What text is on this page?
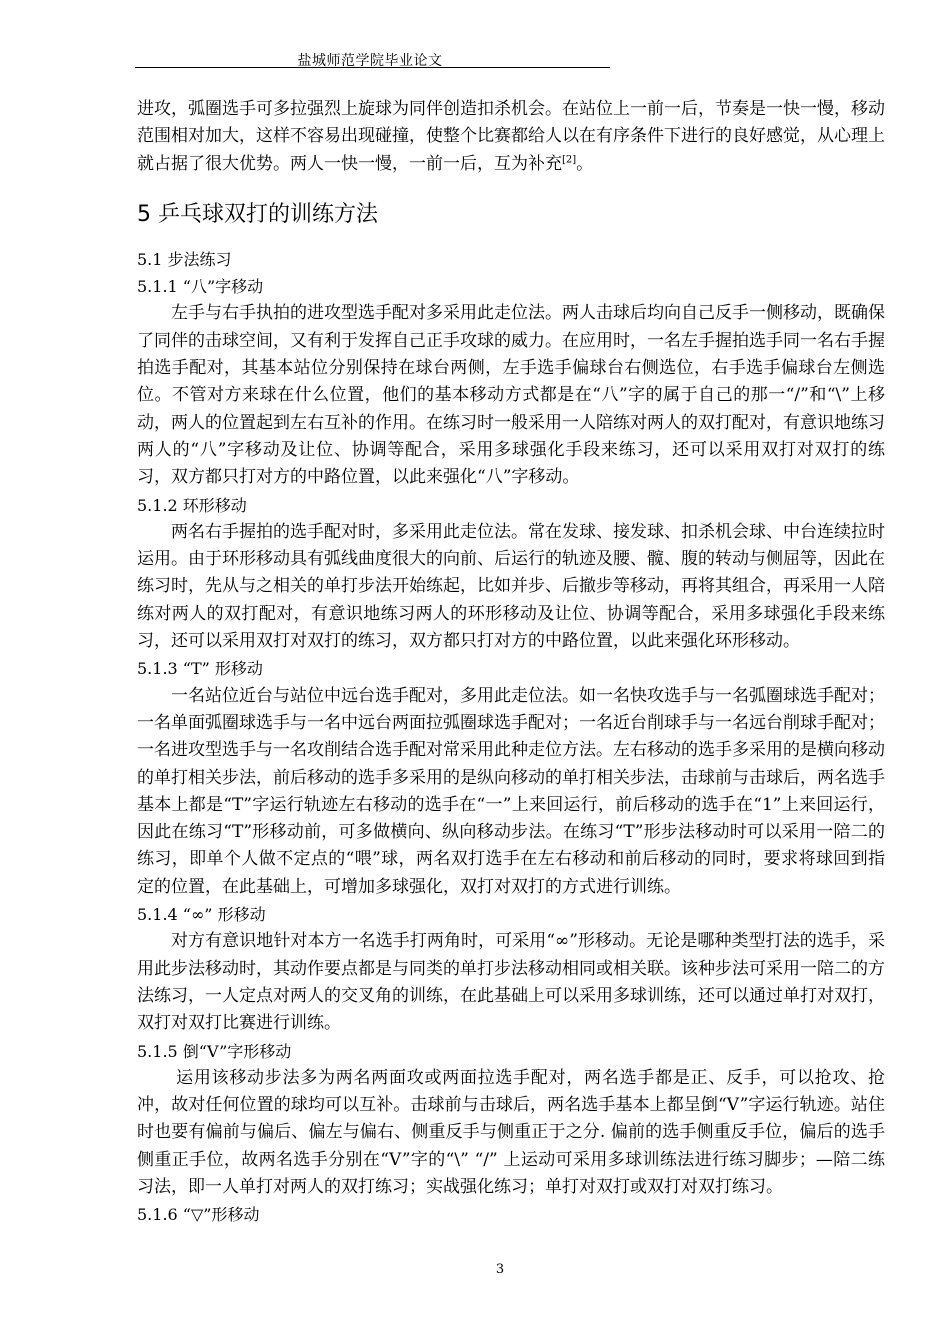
盐城师范学院毕业论文

进攻，弧圈选手可多拉强烈上旋球为同伴创造扣杀机会。在站位上一前一后，节奏是一快一慢，移动范围相对加大，这样不容易出现碰撞，使整个比赛都给人以在有序条件下进行的良好感觉，从心理上就占据了很大优势。两人一快一慢，一前一后，互为补充[2]。

5 乒乓球双打的训练方法

5.1 步法练习

5.1.1 “八”字移动

左手与右手执拍的进攻型选手配对多采用此走位法。两人击球后均向自己反手一侧移动，既确保了同伴的击球空间，又有利于发挥自己正手攻球的威力。在应用时，一名左手握拍选手同一名右手握拍选手配对，其基本站位分别保持在球台两侧，左手选手偏球台右侧选位，右手选手偏球台左侧选位。不管对方来球在什么位置，他们的基本移动方式都是在“八”字的属于自己的那一“/”和“\”上移动，两人的位置起到左右互补的作用。在练习时一般采用一人陪练对两人的双打配对，有意识地练习两人的“八”字移动及让位、协调等配合，采用多球强化手段来练习，还可以采用双打对双打的练习，双方都只打对方的中路位置，以此来强化“八”字移动。

5.1.2 环形移动

两名右手握拍的选手配对时，多采用此走位法。常在发球、接发球、扣杀机会球、中台连续拉时运用。由于环形移动具有弧线曲度很大的向前、后运行的轨迹及腰、髋、腹的转动与侧屈等，因此在练习时，先从与之相关的单打步法开始练起，比如并步、后撤步等移动，再将其组合，再采用一人陪练对两人的双打配对，有意识地练习两人的环形移动及让位、协调等配合，采用多球强化手段来练习，还可以采用双打对双打的练习，双方都只打对方的中路位置，以此来强化环形移动。

5.1.3 “T” 形移动

一名站位近台与站位中远台选手配对，多用此走位法。如一名快攻选手与一名弧圈球选手配对；一名单面弧圈球选手与一名中远台两面拉弧圈球选手配对；一名近台削球手与一名远台削球手配对；一名进攻型选手与一名攻削结合选手配对常采用此种走位方法。左右移动的选手多采用的是横向移动的单打相关步法，前后移动的选手多采用的是纵向移动的单打相关步法，击球前与击球后，两名选手基本上都是“T”字运行轨迹左右移动的选手在“一”上来回运行，前后移动的选手在“1”上来回运行，因此在练习“T”形移动前，可多做横向、纵向移动步法。在练习“T”形步法移动时可以采用一陪二的练习，即单个人做不定点的“喂”球，两名双打选手在左右移动和前后移动的同时，要求将球回到指定的位置，在此基础上，可增加多球强化，双打对双打的方式进行训练。

5.1.4 “∞” 形移动

对方有意识地针对本方一名选手打两角时，可采用“∞”形移动。无论是哪种类型打法的选手，采用此步法移动时，其动作要点都是与同类的单打步法移动相同或相关联。该种步法可采用一陪二的方法练习，一人定点对两人的交叉角的训练，在此基础上可以采用多球训练，还可以通过单打对双打，双打对双打比赛进行训练。

5.1.5 倒“V”字形移动

运用该移动步法多为两名两面攻或两面拉选手配对，两名选手都是正、反手，可以抢攻、抢冲，故对任何位置的球均可以互补。击球前与击球后，两名选手基本上都呈倒“V”字运行轨迹。站住时也要有偏前与偏后、偏左与偏右、侧重反手与侧重正于之分. 偏前的选手侧重反手位，偏后的选手侧重正手位，故两名选手分别在“V”字的“\” “/” 上运动可采用多球训练法进行练习脚步；—陪二练习法，即一人单打对两人的双打练习；实战强化练习；单打对双打或双打对双打练习。

5.1.6 “▽”形移动

3
